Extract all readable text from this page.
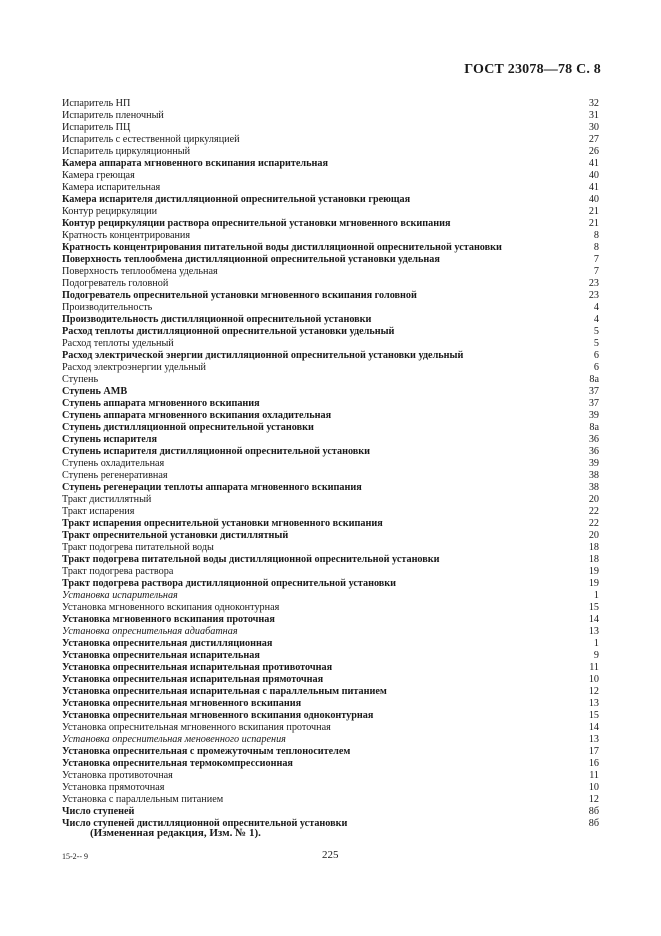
ГОСТ 23078—78 С. 8
Испаритель НП	32
Испаритель пленочный	31
Испаритель ПЦ	30
Испаритель с естественной циркуляцией	27
Испаритель циркуляционный	26
Камера аппарата мгновенного вскипания испарительная	41
Камера греющая	40
Камера испарительная	41
Камера испарителя дистилляционной опреснительной установки греющая	40
Контур рециркуляции	21
Контур рециркуляции раствора опреснительной установки мгновенного вскипания	21
Кратность концентрирования	8
Кратность концентрирования питательной воды дистилляционной опреснительной установки	8
Поверхность теплообмена дистилляционной опреснительной установки удельная	7
Поверхность теплообмена удельная	7
Подогреватель головной	23
Подогреватель опреснительной установки мгновенного вскипания головной	23
Производительность	4
Производительность дистилляционной опреснительной установки	4
Расход теплоты дистилляционной опреснительной установки удельный	5
Расход теплоты удельный	5
Расход электрической энергии дистилляционной опреснительной установки удельный	6
Расход электроэнергии удельный	6
Ступень	8а
Ступень АМВ	37
Ступень аппарата мгновенного вскипания	37
Ступень аппарата мгновенного вскипания охладительная	39
Ступень дистилляционной опреснительной установки	8а
Ступень испарителя	36
Ступень испарителя дистилляционной опреснительной установки	36
Ступень охладительная	39
Ступень регенеративная	38
Ступень регенерации теплоты аппарата мгновенного вскипания	38
Тракт дистиллятный	20
Тракт испарения	22
Тракт испарения опреснительной установки мгновенного вскипания	22
Тракт опреснительной установки дистиллятный	20
Тракт подогрева питательной воды	18
Тракт подогрева питательной воды дистилляционной опреснительной установки	18
Тракт подогрева раствора	19
Тракт подогрева раствора дистилляционной опреснительной установки	19
Установка испарительная	1
Установка мгновенного вскипания одноконтурная	15
Установка мгновенного вскипания проточная	14
Установка опреснительная адиабатная	13
Установка опреснительная дистилляционная	1
Установка опреснительная испарительная	9
Установка опреснительная испарительная противоточная	11
Установка опреснительная испарительная прямоточная	10
Установка опреснительная испарительная с параллельным питанием	12
Установка опреснительная мгновенного вскипания	13
Установка опреснительная мгновенного вскипания одноконтурная	15
Установка опреснительная мгновенного вскипания проточная	14
Установка опреснительная меновенного испарения	13
Установка опреснительная с промежуточным теплоносителем	17
Установка опреснительная термокомпрессионная	16
Установка противоточная	11
Установка прямоточная	10
Установка с параллельным питанием	12
Число ступеней	8б
Число ступеней дистилляционной опреснительной установки	8б
(Измененная редакция, Изм. № 1).
15-2-- 9	225
